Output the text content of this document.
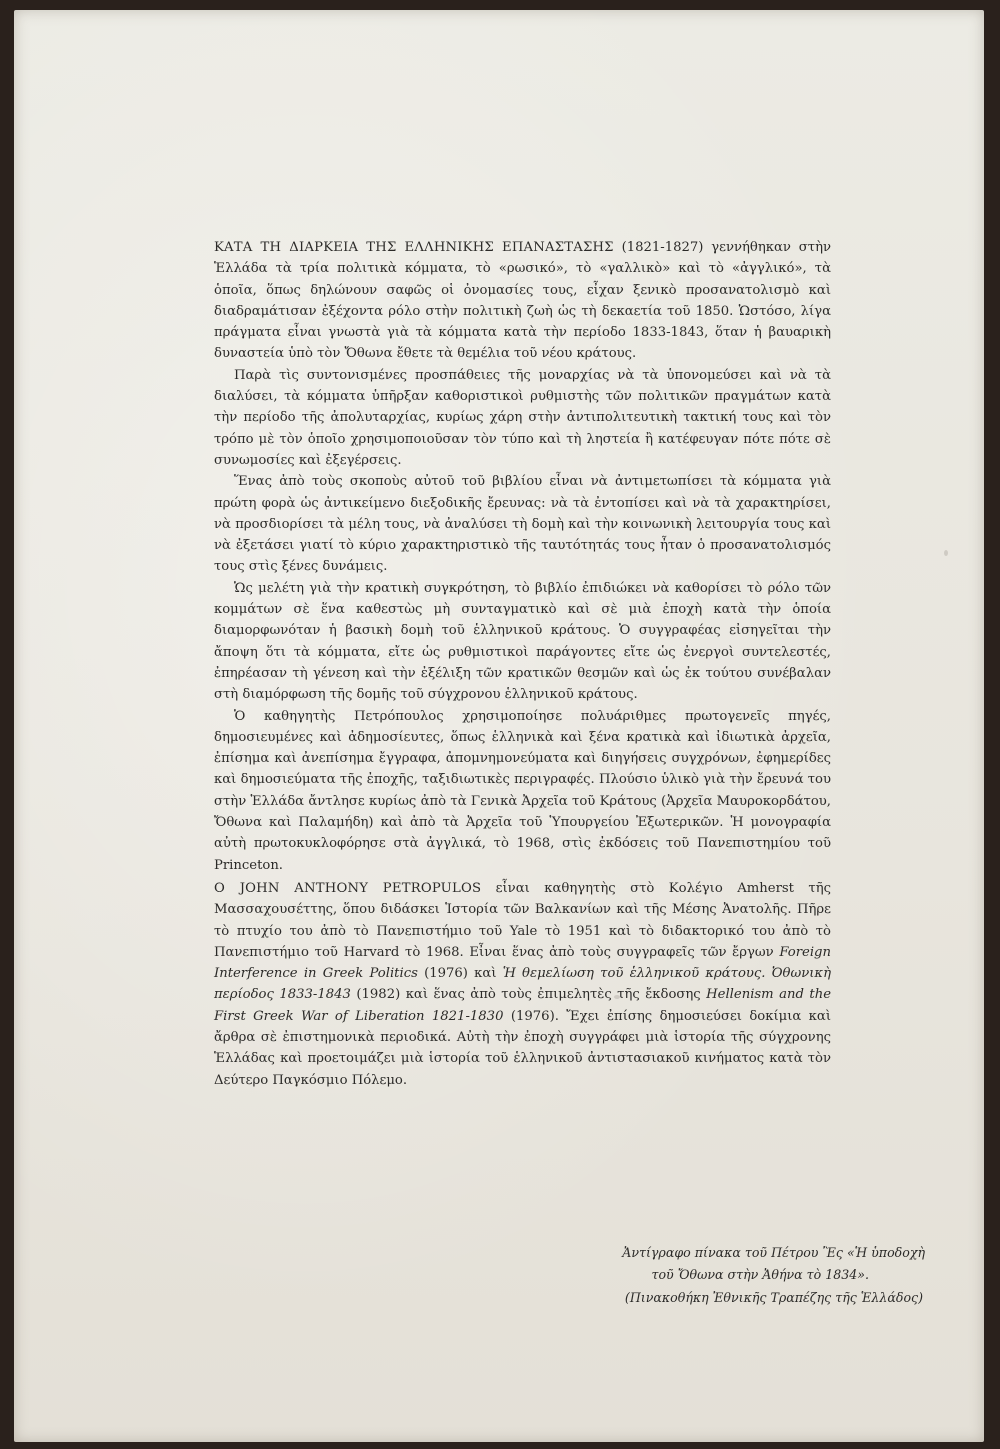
ΚΑΤΑ ΤΗ ΔΙΑΡΚΕΙΑ ΤΗΣ ΕΛΛΗΝΙΚΗΣ ΕΠΑΝΑΣΤΑΣΗΣ (1821-1827) γεννήθηκαν στὴν Ἑλλάδα τὰ τρία πολιτικὰ κόμματα, τὸ «ρωσικό», τὸ «γαλλικὸ» καὶ τὸ «ἀγγλικό», τὰ ὁποῖα, ὅπως δηλώνουν σαφῶς οἱ ὀνομασίες τους, εἶχαν ξενικὸ προσανατολισμὸ καὶ διαδραμάτισαν ἐξέχοντα ρόλο στὴν πολιτικὴ ζωὴ ὡς τὴ δεκαετία τοῦ 1850. Ὡστόσο, λίγα πράγματα εἶναι γνωστὰ γιὰ τὰ κόμματα κατὰ τὴν περίοδο 1833-1843, ὅταν ἡ βαυαρικὴ δυναστεία ὑπὸ τὸν Ὄθωνα ἔθετε τὰ θεμέλια τοῦ νέου κράτους.

Παρὰ τὶς συντονισμένες προσπάθειες τῆς μοναρχίας νὰ τὰ ὑπονομεύσει καὶ νὰ τὰ διαλύσει, τὰ κόμματα ὑπῆρξαν καθοριστικοὶ ρυθμιστὴς τῶν πολιτικῶν πραγμάτων κατὰ τὴν περίοδο τῆς ἀπολυταρχίας, κυρίως χάρη στὴν ἀντιπολιτευτικὴ τακτική τους καὶ τὸν τρόπο μὲ τὸν ὁποῖο χρησιμοποιοῦσαν τὸν τύπο καὶ τὴ ληστεία ἢ κατέφευγαν πότε πότε σὲ συνωμοσίες καὶ ἐξεγέρσεις.

Ἕνας ἀπὸ τοὺς σκοποὺς αὐτοῦ τοῦ βιβλίου εἶναι νὰ ἀντιμετωπίσει τὰ κόμματα γιὰ πρώτη φορὰ ὡς ἀντικείμενο διεξοδικῆς ἔρευνας: νὰ τὰ ἐντοπίσει καὶ νὰ τὰ χαρακτηρίσει, νὰ προσδιορίσει τὰ μέλη τους, νὰ ἀναλύσει τὴ δομὴ καὶ τὴν κοινωνικὴ λειτουργία τους καὶ νὰ ἐξετάσει γιατί τὸ κύριο χαρακτηριστικὸ τῆς ταυτότητάς τους ἦταν ὁ προσανατολισμός τους στὶς ξένες δυνάμεις.

Ὡς μελέτη γιὰ τὴν κρατικὴ συγκρότηση, τὸ βιβλίο ἐπιδιώκει νὰ καθορίσει τὸ ρόλο τῶν κομμάτων σὲ ἕνα καθεστὼς μὴ συνταγματικὸ καὶ σὲ μιὰ ἐποχὴ κατὰ τὴν ὁποία διαμορφωνόταν ἡ βασικὴ δομὴ τοῦ ἑλληνικοῦ κράτους. Ὁ συγγραφέας εἰσηγεῖται τὴν ἄποψη ὅτι τὰ κόμματα, εἴτε ὡς ρυθμιστικοὶ παράγοντες εἴτε ὡς ἐνεργοὶ συντελεστές, ἐπηρέασαν τὴ γένεση καὶ τὴν ἐξέλιξη τῶν κρατικῶν θεσμῶν καὶ ὡς ἐκ τούτου συνέβαλαν στὴ διαμόρφωση τῆς δομῆς τοῦ σύγχρονου ἑλληνικοῦ κράτους.

Ὁ καθηγητὴς Πετρόπουλος χρησιμοποίησε πολυάριθμες πρωτογενεῖς πηγές, δημοσιευμένες καὶ ἀδημοσίευτες, ὅπως ἑλληνικὰ καὶ ξένα κρατικὰ καὶ ἰδιωτικὰ ἀρχεῖα, ἐπίσημα καὶ ἀνεπίσημα ἔγγραφα, ἀπομνημονεύματα καὶ διηγήσεις συγχρόνων, ἐφημερίδες καὶ δημοσιεύματα τῆς ἐποχῆς, ταξιδιωτικὲς περιγραφές. Πλούσιο ὑλικὸ γιὰ τὴν ἔρευνά του στὴν Ἑλλάδα ἄντλησε κυρίως ἀπὸ τὰ Γενικὰ Ἀρχεῖα τοῦ Κράτους (Ἀρχεῖα Μαυροκορδάτου, Ὄθωνα καὶ Παλαμήδη) καὶ ἀπὸ τὰ Ἀρχεῖα τοῦ Ὑπουργείου Ἐξωτερικῶν. Ἡ μονογραφία αὐτὴ πρωτοκυκλοφόρησε στὰ ἀγγλικά, τὸ 1968, στὶς ἐκδόσεις τοῦ Πανεπιστημίου τοῦ Princeton.

Ο JOHN ANTHONY PETROPULOS εἶναι καθηγητὴς στὸ Κολέγιο Amherst τῆς Μασσαχουσέττης, ὅπου διδάσκει Ἱστορία τῶν Βαλκανίων καὶ τῆς Μέσης Ἀνατολῆς. Πῆρε τὸ πτυχίο του ἀπὸ τὸ Πανεπιστήμιο τοῦ Yale τὸ 1951 καὶ τὸ διδακτορικό του ἀπὸ τὸ Πανεπιστήμιο τοῦ Harvard τὸ 1968. Εἶναι ἕνας ἀπὸ τοὺς συγγραφεῖς τῶν ἔργων Foreign Interference in Greek Politics (1976) καὶ Ἡ θεμελίωση τοῦ ἑλληνικοῦ κράτους. Ὀθωνικὴ περίοδος 1833-1843 (1982) καὶ ἕνας ἀπὸ τοὺς ἐπιμελητὲς τῆς ἔκδοσης Hellenism and the First Greek War of Liberation 1821-1830 (1976). Ἔχει ἐπίσης δημοσιεύσει δοκίμια καὶ ἄρθρα σὲ ἐπιστημονικὰ περιοδικά. Αὐτὴ τὴν ἐποχὴ συγγράφει μιὰ ἱστορία τῆς σύγχρονης Ἑλλάδας καὶ προετοιμάζει μιὰ ἱστορία τοῦ ἑλληνικοῦ ἀντιστασιακοῦ κινήματος κατὰ τὸν Δεύτερο Παγκόσμιο Πόλεμο.

Ἀντίγραφο πίνακα τοῦ Πέτρου Ἒς «Ἡ ὑποδοχὴ
τοῦ Ὄθωνα στὴν Ἀθήνα τὸ 1834».
(Πινακοθήκη Ἐθνικῆς Τραπέζης τῆς Ἑλλάδος)
